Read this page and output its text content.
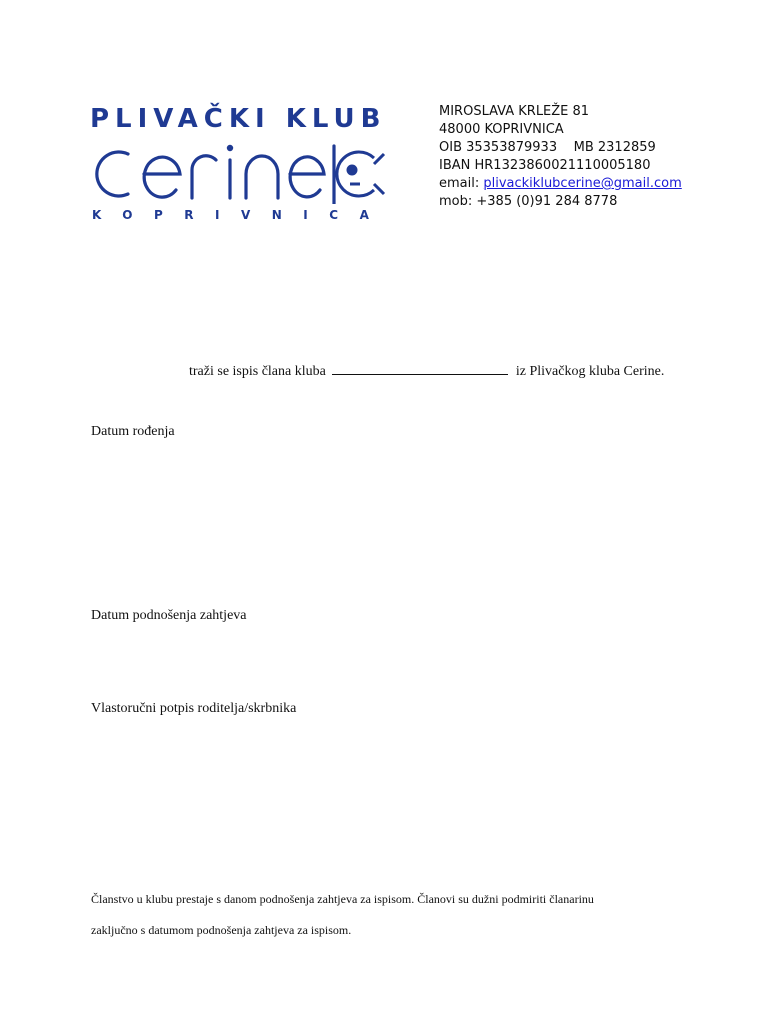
PLIVAČKI KLUB
KOPRIVNICA
MIROSLAVA KRLEŽE 81
48000 KOPRIVNICA
OIB 35353879933    MB 2312859
IBAN HR1323860021110005180
email: plivackiklubcerine@gmail.com
mob: +385 (0)91 284 8778
traži se ispis člana kluba	iz Plivačkog kluba Cerine.
Datum rođenja
Datum podnošenja zahtjeva
Vlastoručni potpis roditelja/skrbnika
Članstvo u klubu prestaje s danom podnošenja zahtjeva za ispisom. Članovi su dužni podmiriti članarinu
zaključno s datumom podnošenja zahtjeva za ispisom.
